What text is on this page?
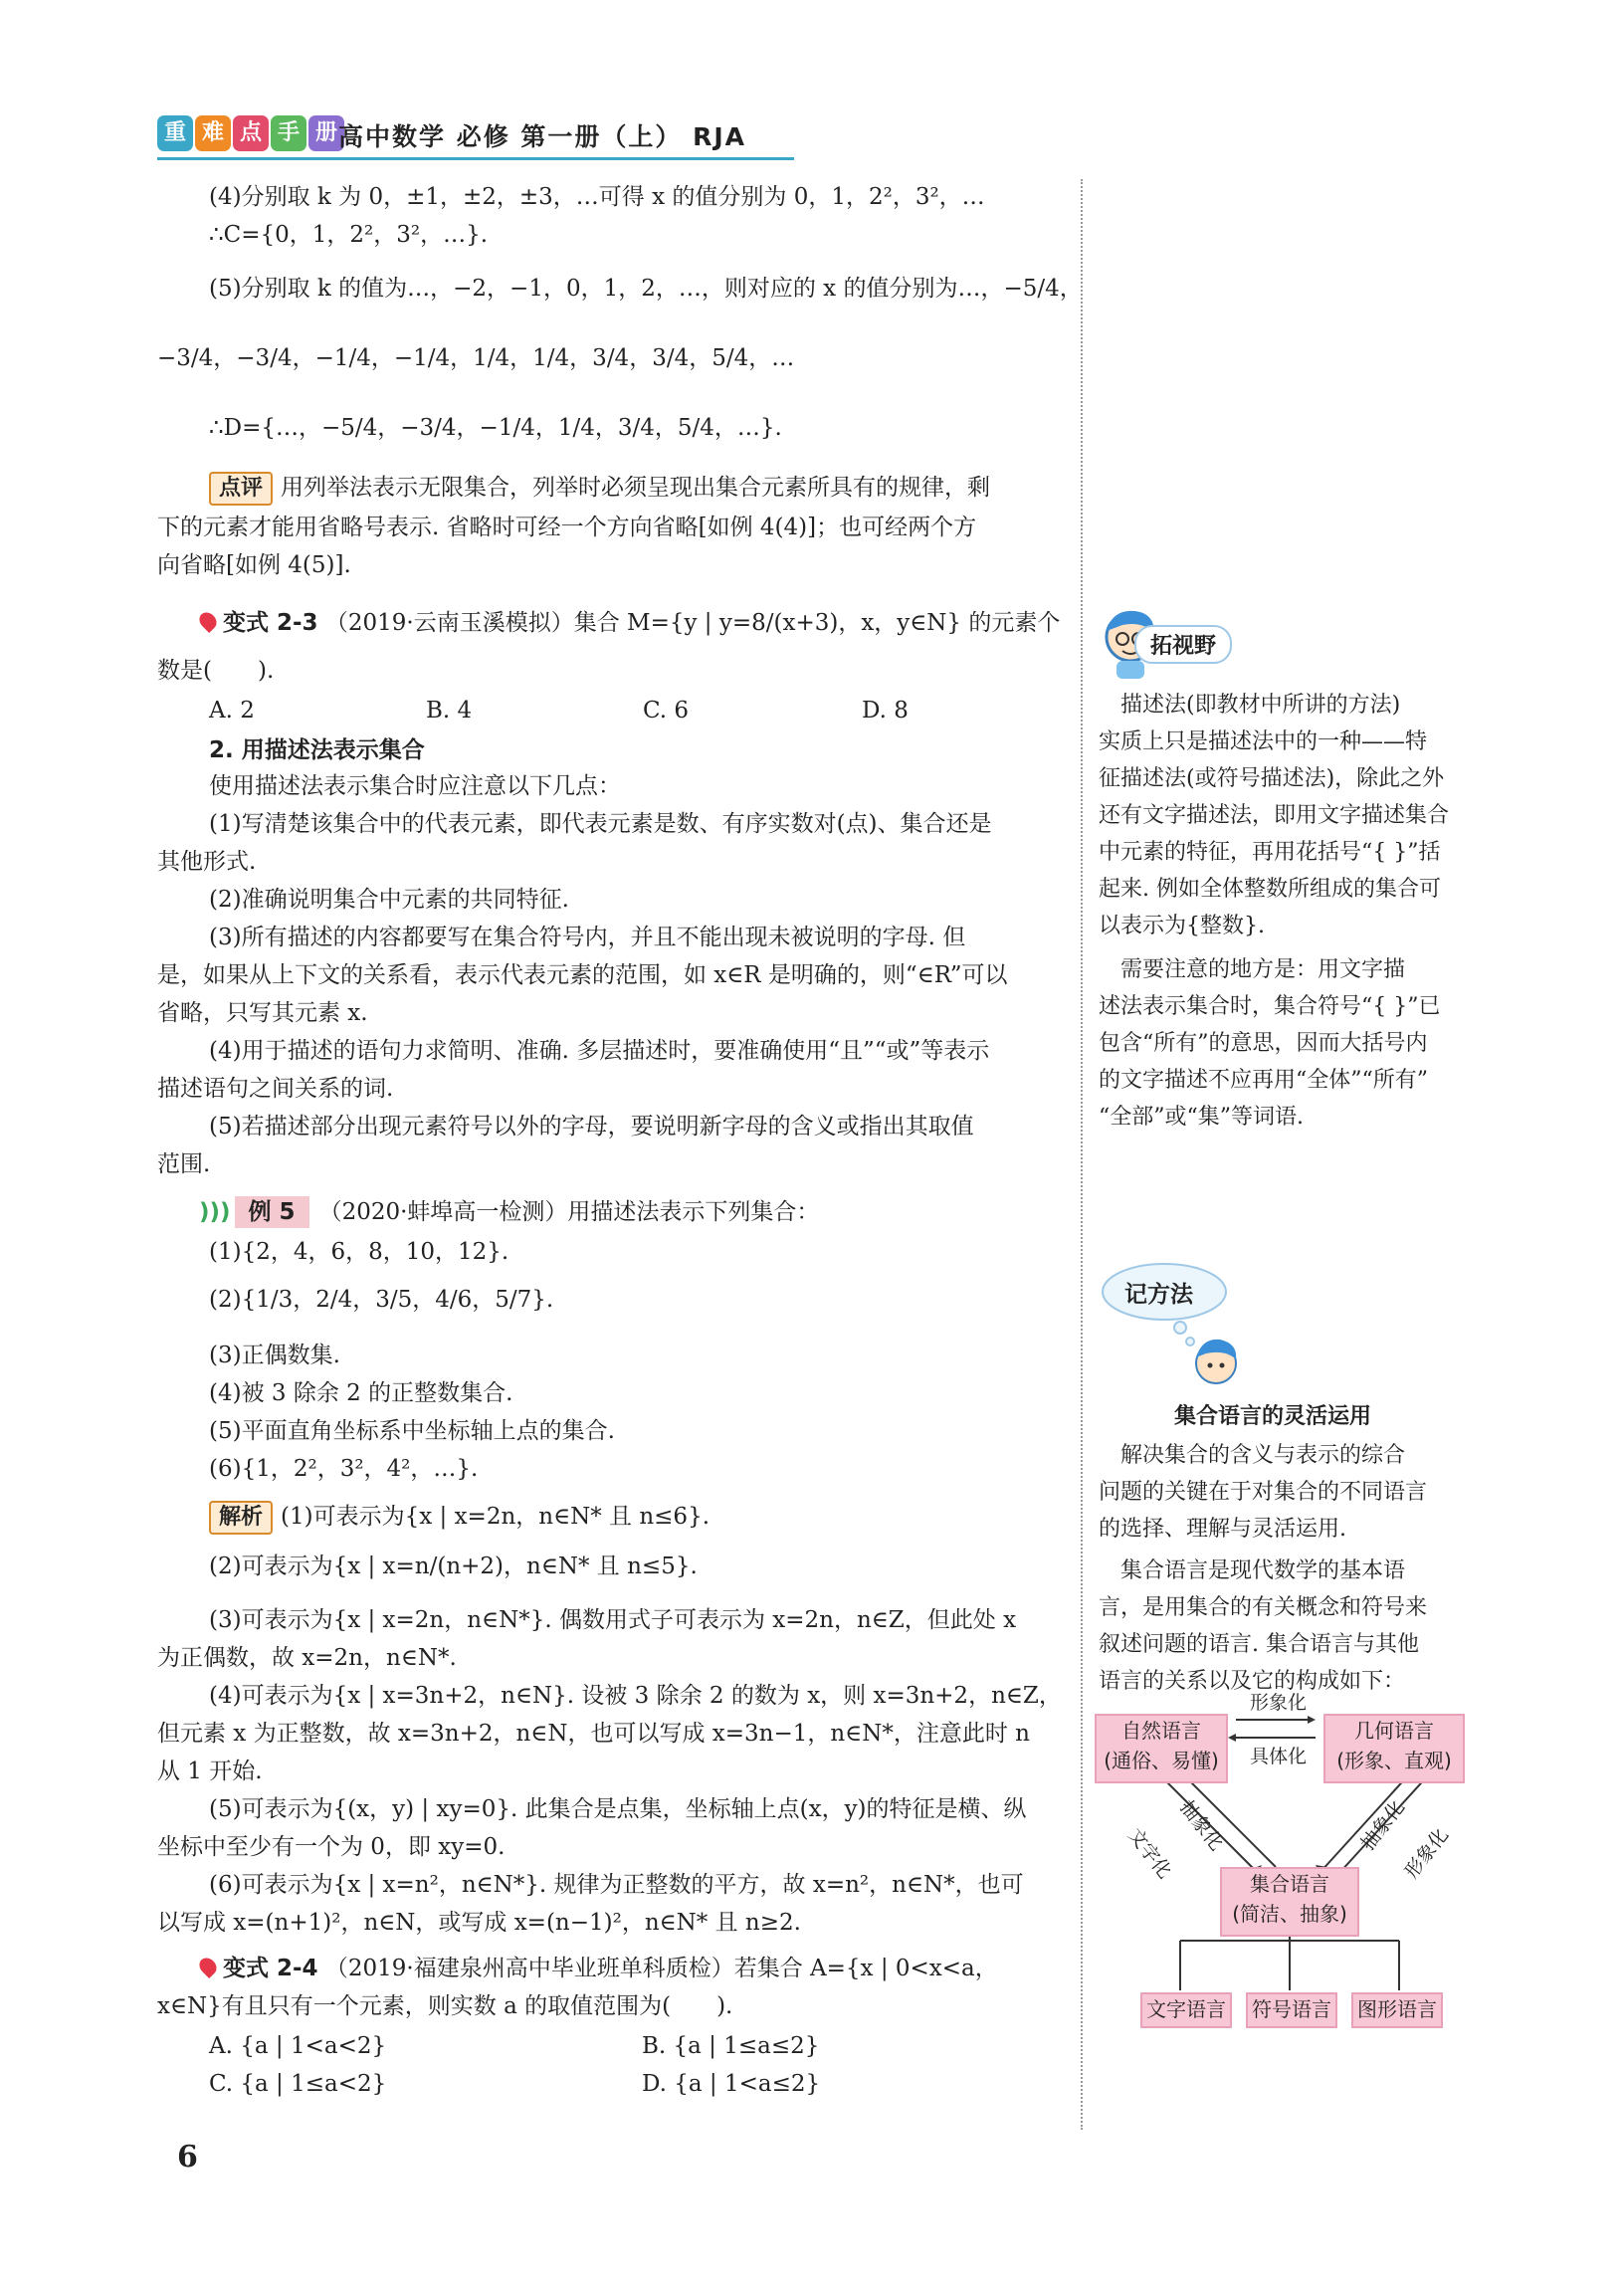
重 难 点 手 册 高中数学 必修 第一册（上） RJA
(4)分别取 k 为 0，±1，±2，±3，…可得 x 的值分别为 0，1，2²，3²，…
∴C={0，1，2²，3²，…}.
(5)分别取 k 的值为…，−2，−1，0，1，2，…，则对应的 x 的值分别为…，−5/4，
−3/4，−3/4，−1/4，−1/4，1/4，1/4，3/4，3/4，5/4，…
∴D={…，−5/4，−3/4，−1/4，1/4，3/4，5/4，…}.
点评 用列举法表示无限集合，列举时必须呈现出集合元素所具有的规律，剩
下的元素才能用省略号表示. 省略时可经一个方向省略[如例 4(4)]；也可经两个方
向省略[如例 4(5)].
变式 2-3 （2019·云南玉溪模拟）集合 M={y | y=8/(x+3)，x，y∈N} 的元素个
数是(　　).
A. 2	B. 4	C. 6	D. 8
2. 用描述法表示集合
使用描述法表示集合时应注意以下几点：
(1)写清楚该集合中的代表元素，即代表元素是数、有序实数对(点)、集合还是
其他形式.
(2)准确说明集合中元素的共同特征.
(3)所有描述的内容都要写在集合符号内，并且不能出现未被说明的字母. 但
是，如果从上下文的关系看，表示代表元素的范围，如 x∈R 是明确的，则“∈R”可以
省略，只写其元素 x.
(4)用于描述的语句力求简明、准确. 多层描述时，要准确使用“且”“或”等表示
描述语句之间关系的词.
(5)若描述部分出现元素符号以外的字母，要说明新字母的含义或指出其取值
范围.
))) 例 5 （2020·蚌埠高一检测）用描述法表示下列集合：
(1){2，4，6，8，10，12}.
(2){1/3，2/4，3/5，4/6，5/7}.
(3)正偶数集.
(4)被 3 除余 2 的正整数集合.
(5)平面直角坐标系中坐标轴上点的集合.
(6){1，2²，3²，4²，…}.
解析 (1)可表示为{x | x=2n，n∈N* 且 n≤6}.
(2)可表示为{x | x=n/(n+2)，n∈N* 且 n≤5}.
(3)可表示为{x | x=2n，n∈N*}. 偶数用式子可表示为 x=2n，n∈Z，但此处 x
为正偶数，故 x=2n，n∈N*.
(4)可表示为{x | x=3n+2，n∈N}. 设被 3 除余 2 的数为 x，则 x=3n+2，n∈Z，
但元素 x 为正整数，故 x=3n+2，n∈N，也可以写成 x=3n−1，n∈N*，注意此时 n
从 1 开始.
(5)可表示为{(x，y) | xy=0}. 此集合是点集，坐标轴上点(x，y)的特征是横、纵
坐标中至少有一个为 0，即 xy=0.
(6)可表示为{x | x=n²，n∈N*}. 规律为正整数的平方，故 x=n²，n∈N*，也可
以写成 x=(n+1)²，n∈N，或写成 x=(n−1)²，n∈N* 且 n≥2.
变式 2-4 （2019·福建泉州高中毕业班单科质检）若集合 A={x | 0<x<a，
x∈N}有且只有一个元素，则实数 a 的取值范围为(　　).
A. {a | 1<a<2}	B. {a | 1≤a≤2}
C. {a | 1≤a<2}	D. {a | 1<a≤2}
6
拓视野
　描述法(即教材中所讲的方法)
实质上只是描述法中的一种——特
征描述法(或符号描述法)，除此之外
还有文字描述法，即用文字描述集合
中元素的特征，再用花括号“{ }”括
起来. 例如全体整数所组成的集合可
以表示为{整数}.
　需要注意的地方是：用文字描
述法表示集合时，集合符号“{ }”已
包含“所有”的意思，因而大括号内
的文字描述不应再用“全体”“所有”
“全部”或“集”等词语.
记方法
集合语言的灵活运用
　解决集合的含义与表示的综合
问题的关键在于对集合的不同语言
的选择、理解与灵活运用.
　集合语言是现代数学的基本语
言，是用集合的有关概念和符号来
叙述问题的语言. 集合语言与其他
语言的关系以及它的构成如下：
自然语言
(通俗、易懂)
几何语言
(形象、直观)
集合语言
(简洁、抽象)
形象化
具体化
抽象化
文字化	抽象化
形象化
文字语言	符号语言	图形语言
